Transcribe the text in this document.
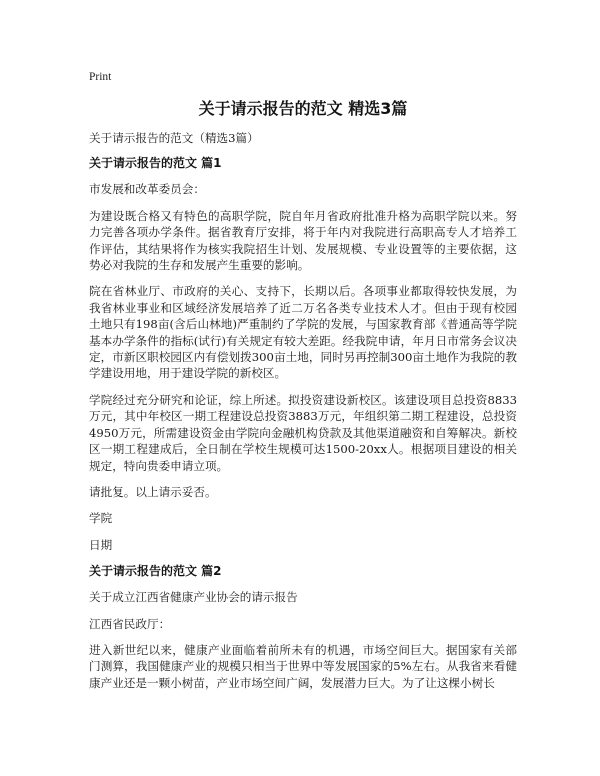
Print
关于请示报告的范文 精选3篇

关于请示报告的范文（精选3篇）

关于请示报告的范文 篇1

市发展和改革委员会：

为建设既合格又有特色的高职学院，院自年月省政府批准升格为高职学院以来。努力完善各项办学条件。据省教育厅安排，将于年内对我院进行高职高专人才培养工作评估，其结果将作为核实我院招生计划、发展规模、专业设置等的主要依据，这势必对我院的生存和发展产生重要的影响。

院在省林业厅、市政府的关心、支持下，长期以后。各项事业都取得较快发展，为我省林业事业和区域经济发展培养了近二万名各类专业技术人才。但由于现有校园土地只有198亩(含后山林地)严重制约了学院的发展，与国家教育部《普通高等学院基本办学条件的指标(试行)有关规定有较大差距。经我院申请，年月日市常务会议决定，市新区职校园区内有偿划拨300亩土地，同时另再控制300亩土地作为我院的教学建设用地，用于建设学院的新校区。

学院经过充分研究和论证，综上所述。拟投资建设新校区。该建设项目总投资8833万元，其中年校区一期工程建设总投资3883万元，年组织第二期工程建设，总投资4950万元，所需建设资金由学院向金融机构贷款及其他渠道融资和自筹解决。新校区一期工程建成后，全日制在学校生规模可达1500-20xx人。根据项目建设的相关规定，特向贵委申请立项。

请批复。以上请示妥否。

学院

日期

关于请示报告的范文 篇2

关于成立江西省健康产业协会的请示报告

江西省民政厅：

进入新世纪以来，健康产业面临着前所未有的机遇，市场空间巨大。据国家有关部门测算，我国健康产业的规模只相当于世界中等发展国家的5%左右。从我省来看健康产业还是一颗小树苗，产业市场空间广阔，发展潜力巨大。为了让这棵小树长
